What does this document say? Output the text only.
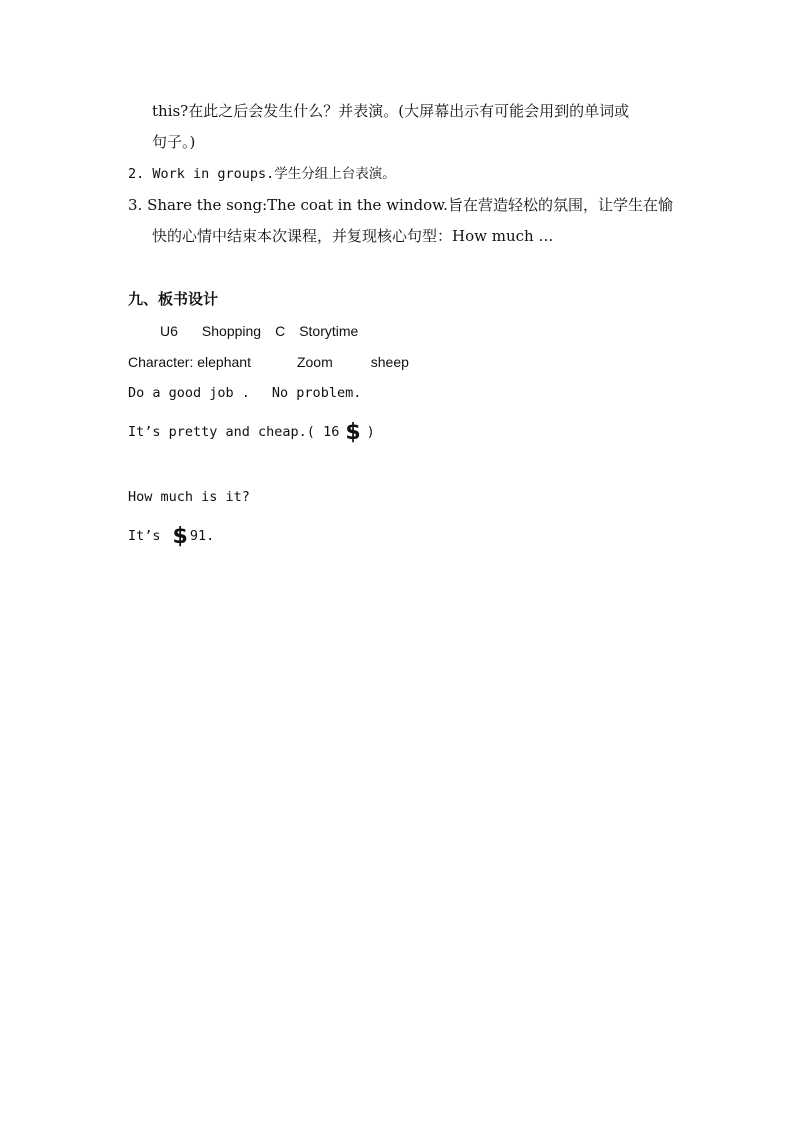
this?在此之后会发生什么？并表演。(大屏幕出示有可能会用到的单词或
句子。)
2. Work in groups.学生分组上台表演。
3. Share the song:The coat in the window.旨在营造轻松的氛围，让学生在愉
快的心情中结束本次课程，并复现核心句型：How much …
九、板书设计
U6 Shopping C Storytime
Character: elephant	Zoom	sheep
Do a good job . No problem.
It’s pretty and cheap.( 16 $ )
How much is it?
It’s $ 91.
